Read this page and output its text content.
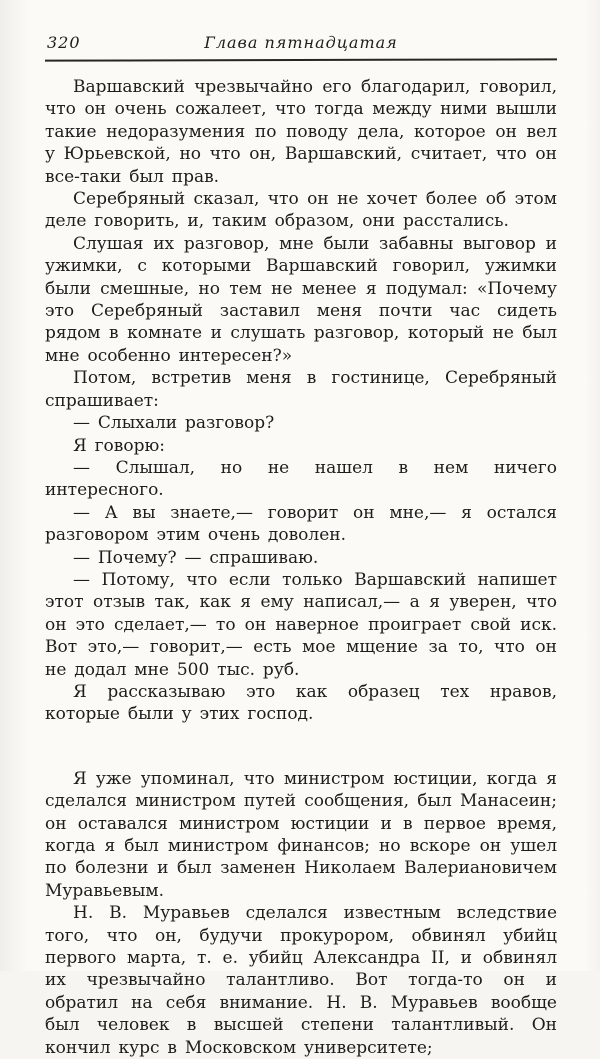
320	Глава пятнадцатая

Варшавский чрезвычайно его благодарил, говорил, что он очень сожалеет, что тогда между ними вышли такие недоразумения по поводу дела, которое он вел у Юрьевской, но что он, Варшавский, считает, что он все-таки был прав.

Серебряный сказал, что он не хочет более об этом деле говорить, и, таким образом, они расстались.

Слушая их разговор, мне были забавны выговор и ужимки, с которыми Варшавский говорил, ужимки были смешные, но тем не менее я подумал: «Почему это Серебряный заставил меня почти час сидеть рядом в комнате и слушать разговор, который не был мне особенно интересен?»

Потом, встретив меня в гостинице, Серебряный спрашивает:

— Слыхали разговор?

Я говорю:

— Слышал, но не нашел в нем ничего интересного.

— А вы знаете,— говорит он мне,— я остался разговором этим очень доволен.

— Почему? — спрашиваю.

— Потому, что если только Варшавский напишет этот отзыв так, как я ему написал,— а я уверен, что он это сделает,— то он наверное проиграет свой иск. Вот это,— говорит,— есть мое мщение за то, что он не додал мне 500 тыс. руб.

Я рассказываю это как образец тех нравов, которые были у этих господ.

Я уже упоминал, что министром юстиции, когда я сделался министром путей сообщения, был Манасеин; он оставался министром юстиции и в первое время, когда я был министром финансов; но вскоре он ушел по болезни и был заменен Николаем Валериановичем Муравьевым.

Н. В. Муравьев сделался известным вследствие того, что он, будучи прокурором, обвинял убийц первого марта, т. е. убийц Александра II, и обвинял их чрезвычайно талантливо. Вот тогда-то он и обратил на себя внимание. Н. В. Муравьев вообще был человек в высшей степени талантливый. Он кончил курс в Московском университете;
